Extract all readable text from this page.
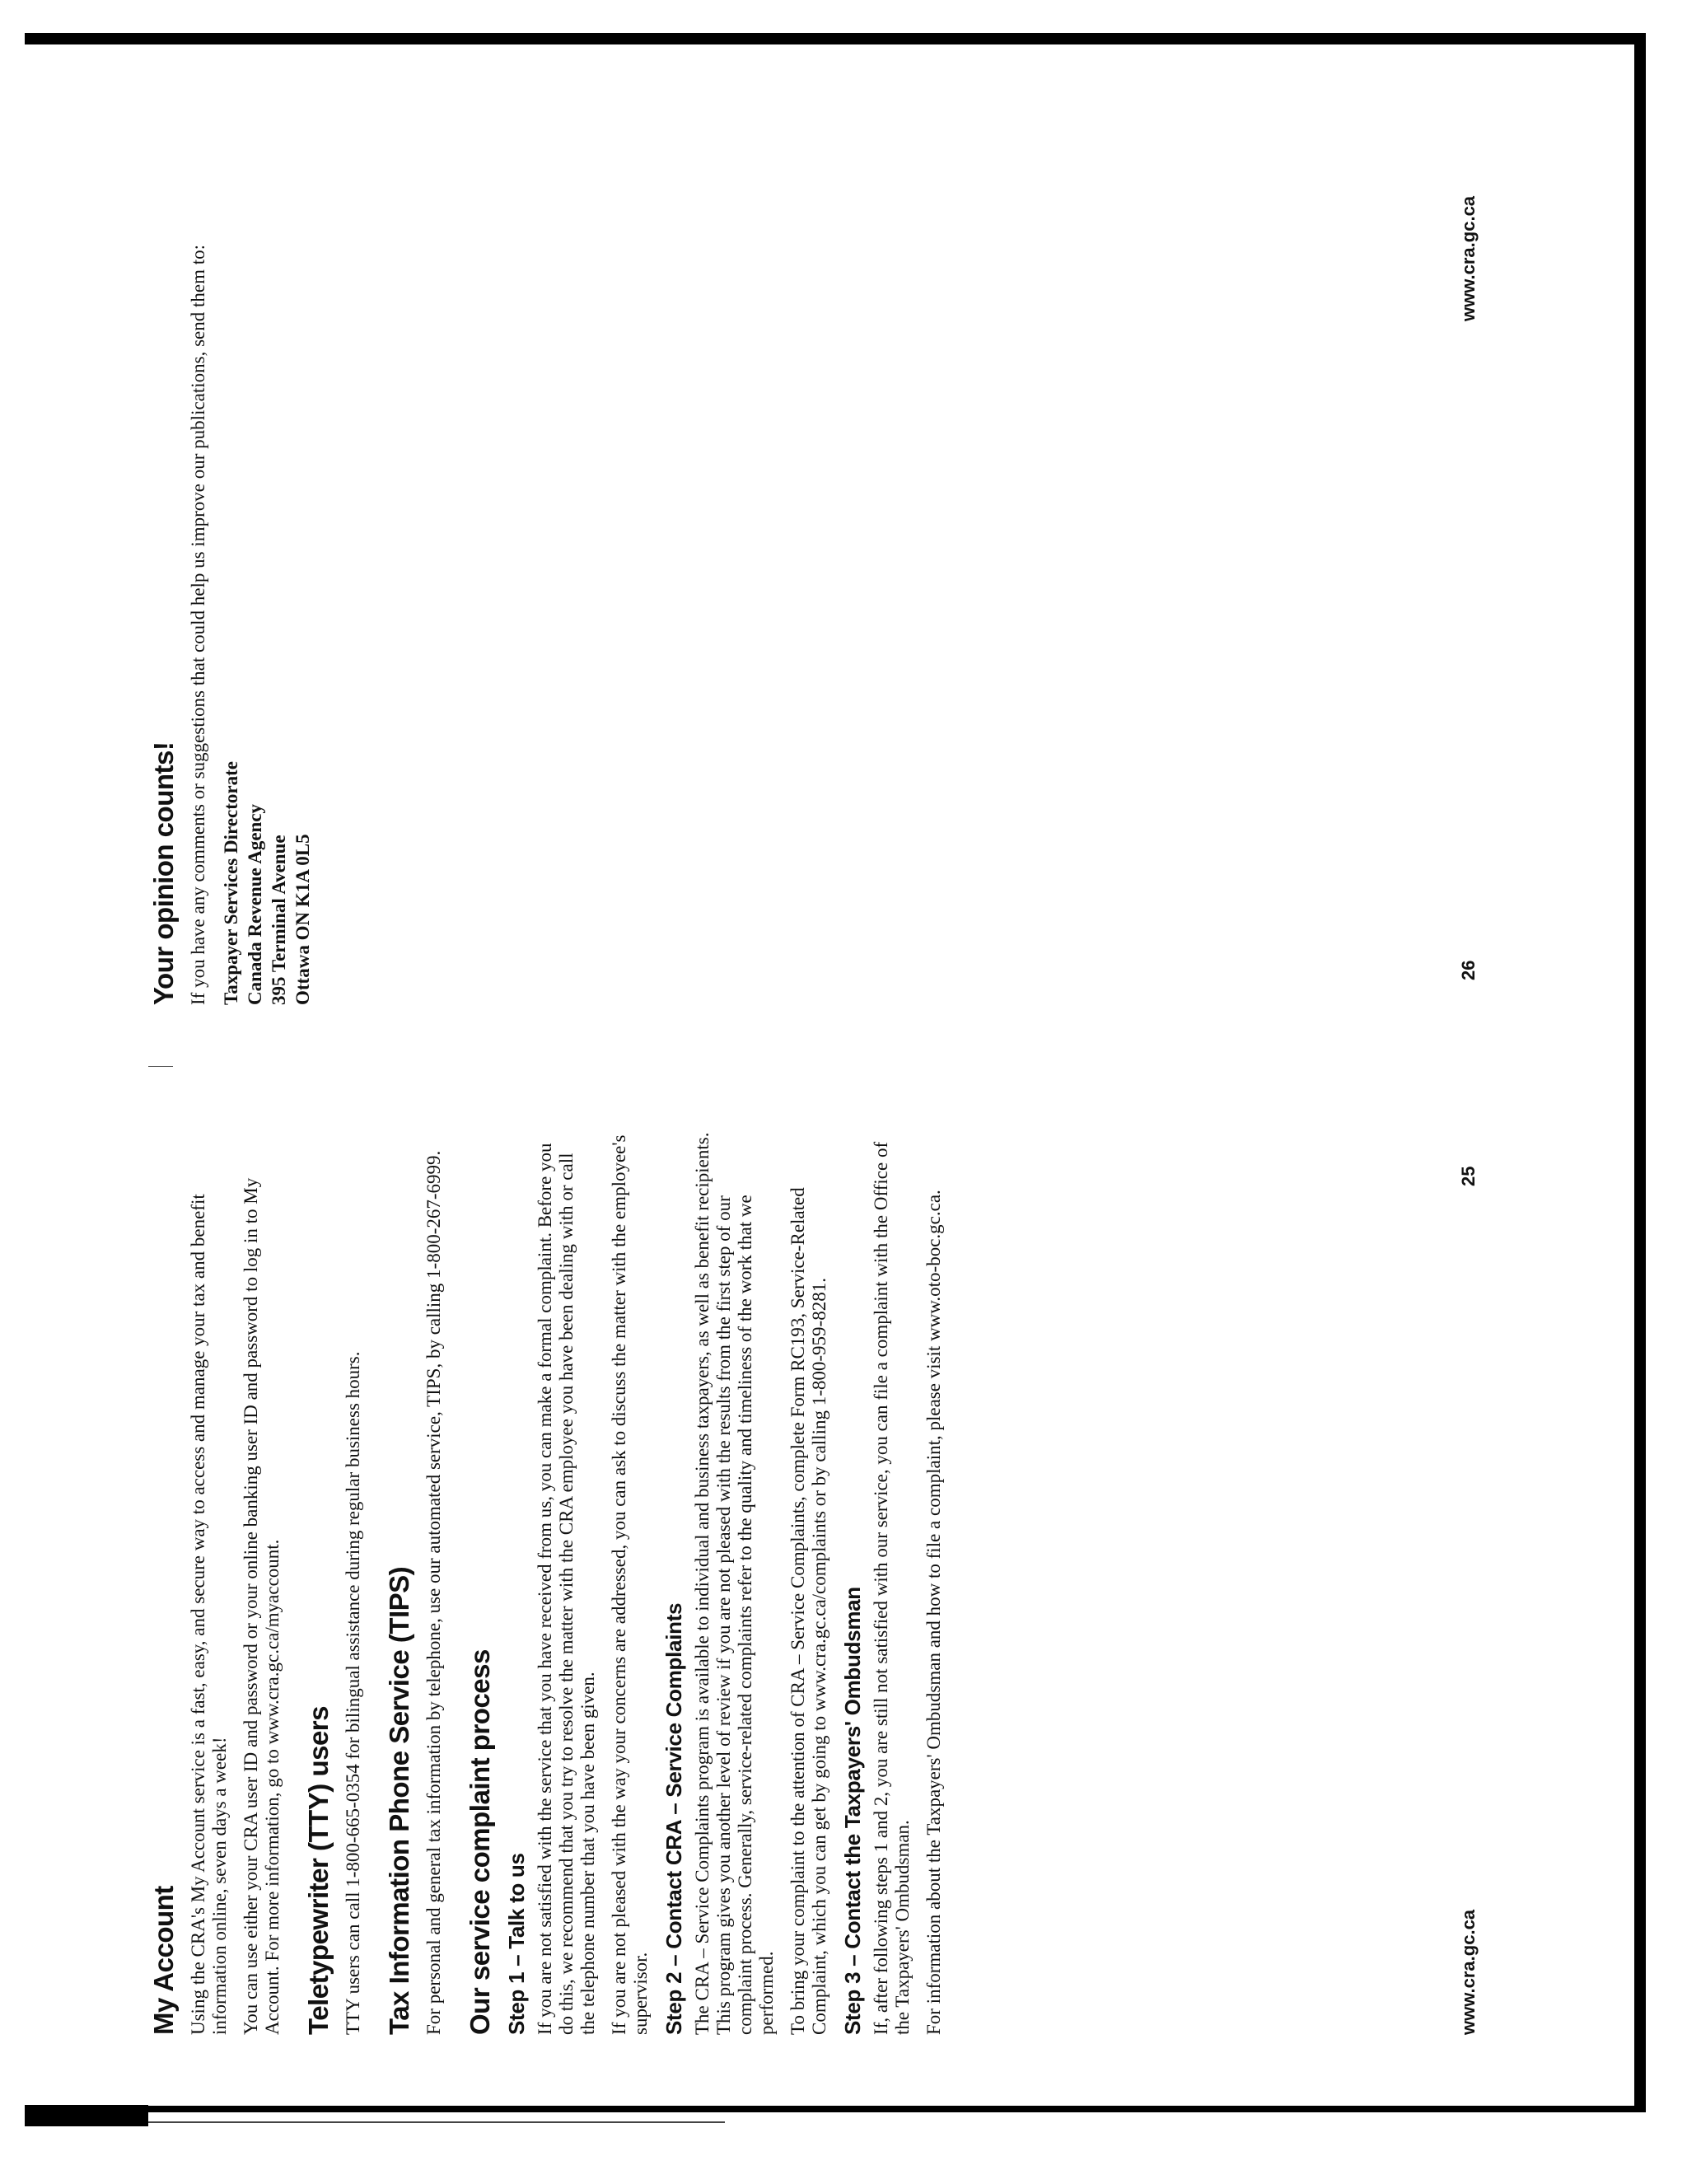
My Account Using the CRA's My Account service is a fast, easy, and secure way to access and manage your tax and benefit information online, seven days a week! You can use either your CRA user ID and password or your online banking user ID and password to log in to My Account. For more information, go to www.cra.gc.ca/myaccount. Teletypewriter (TTY) users TTY users can call 1-800-665-0354 for bilingual assistance during regular business hours. Tax Information Phone Service (TIPS) For personal and general tax information by telephone, use our automated service, TIPS, by calling 1-800-267-6999. Our service complaint process Step 1 – Talk to us If you are not satisfied with the service that you have received from us, you can make a formal complaint. Before you do this, we recommend that you try to resolve the matter with the CRA employee you have been dealing with or call the telephone number that you have been given. If you are not pleased with the way your concerns are addressed, you can ask to discuss the matter with the employee's supervisor. Step 2 – Contact CRA – Service Complaints The CRA – Service Complaints program is available to individual and business taxpayers, as well as benefit recipients. This program gives you another level of review if you are not pleased with the results from the first step of our complaint process. Generally, service-related complaints refer to the quality and timeliness of the work that we performed. To bring your complaint to the attention of CRA – Service Complaints, complete Form RC193, Service-Related Complaint, which you can get by going to www.cra.gc.ca/complaints or by calling 1-800-959-8281. Step 3 – Contact the Taxpayers' Ombudsman If, after following steps 1 and 2, you are still not satisfied with our service, you can file a complaint with the Office of the Taxpayers' Ombudsman. For information about the Taxpayers' Ombudsman and how to file a complaint, please visit www.oto-boc.gc.ca.

Your opinion counts! If you have any comments or suggestions that could help us improve our publications, send them to: Taxpayer Services Directorate Canada Revenue Agency 395 Terminal Avenue Ottawa ON K1A 0L5

www.cra.gc.ca
25
26
www.cra.gc.ca
